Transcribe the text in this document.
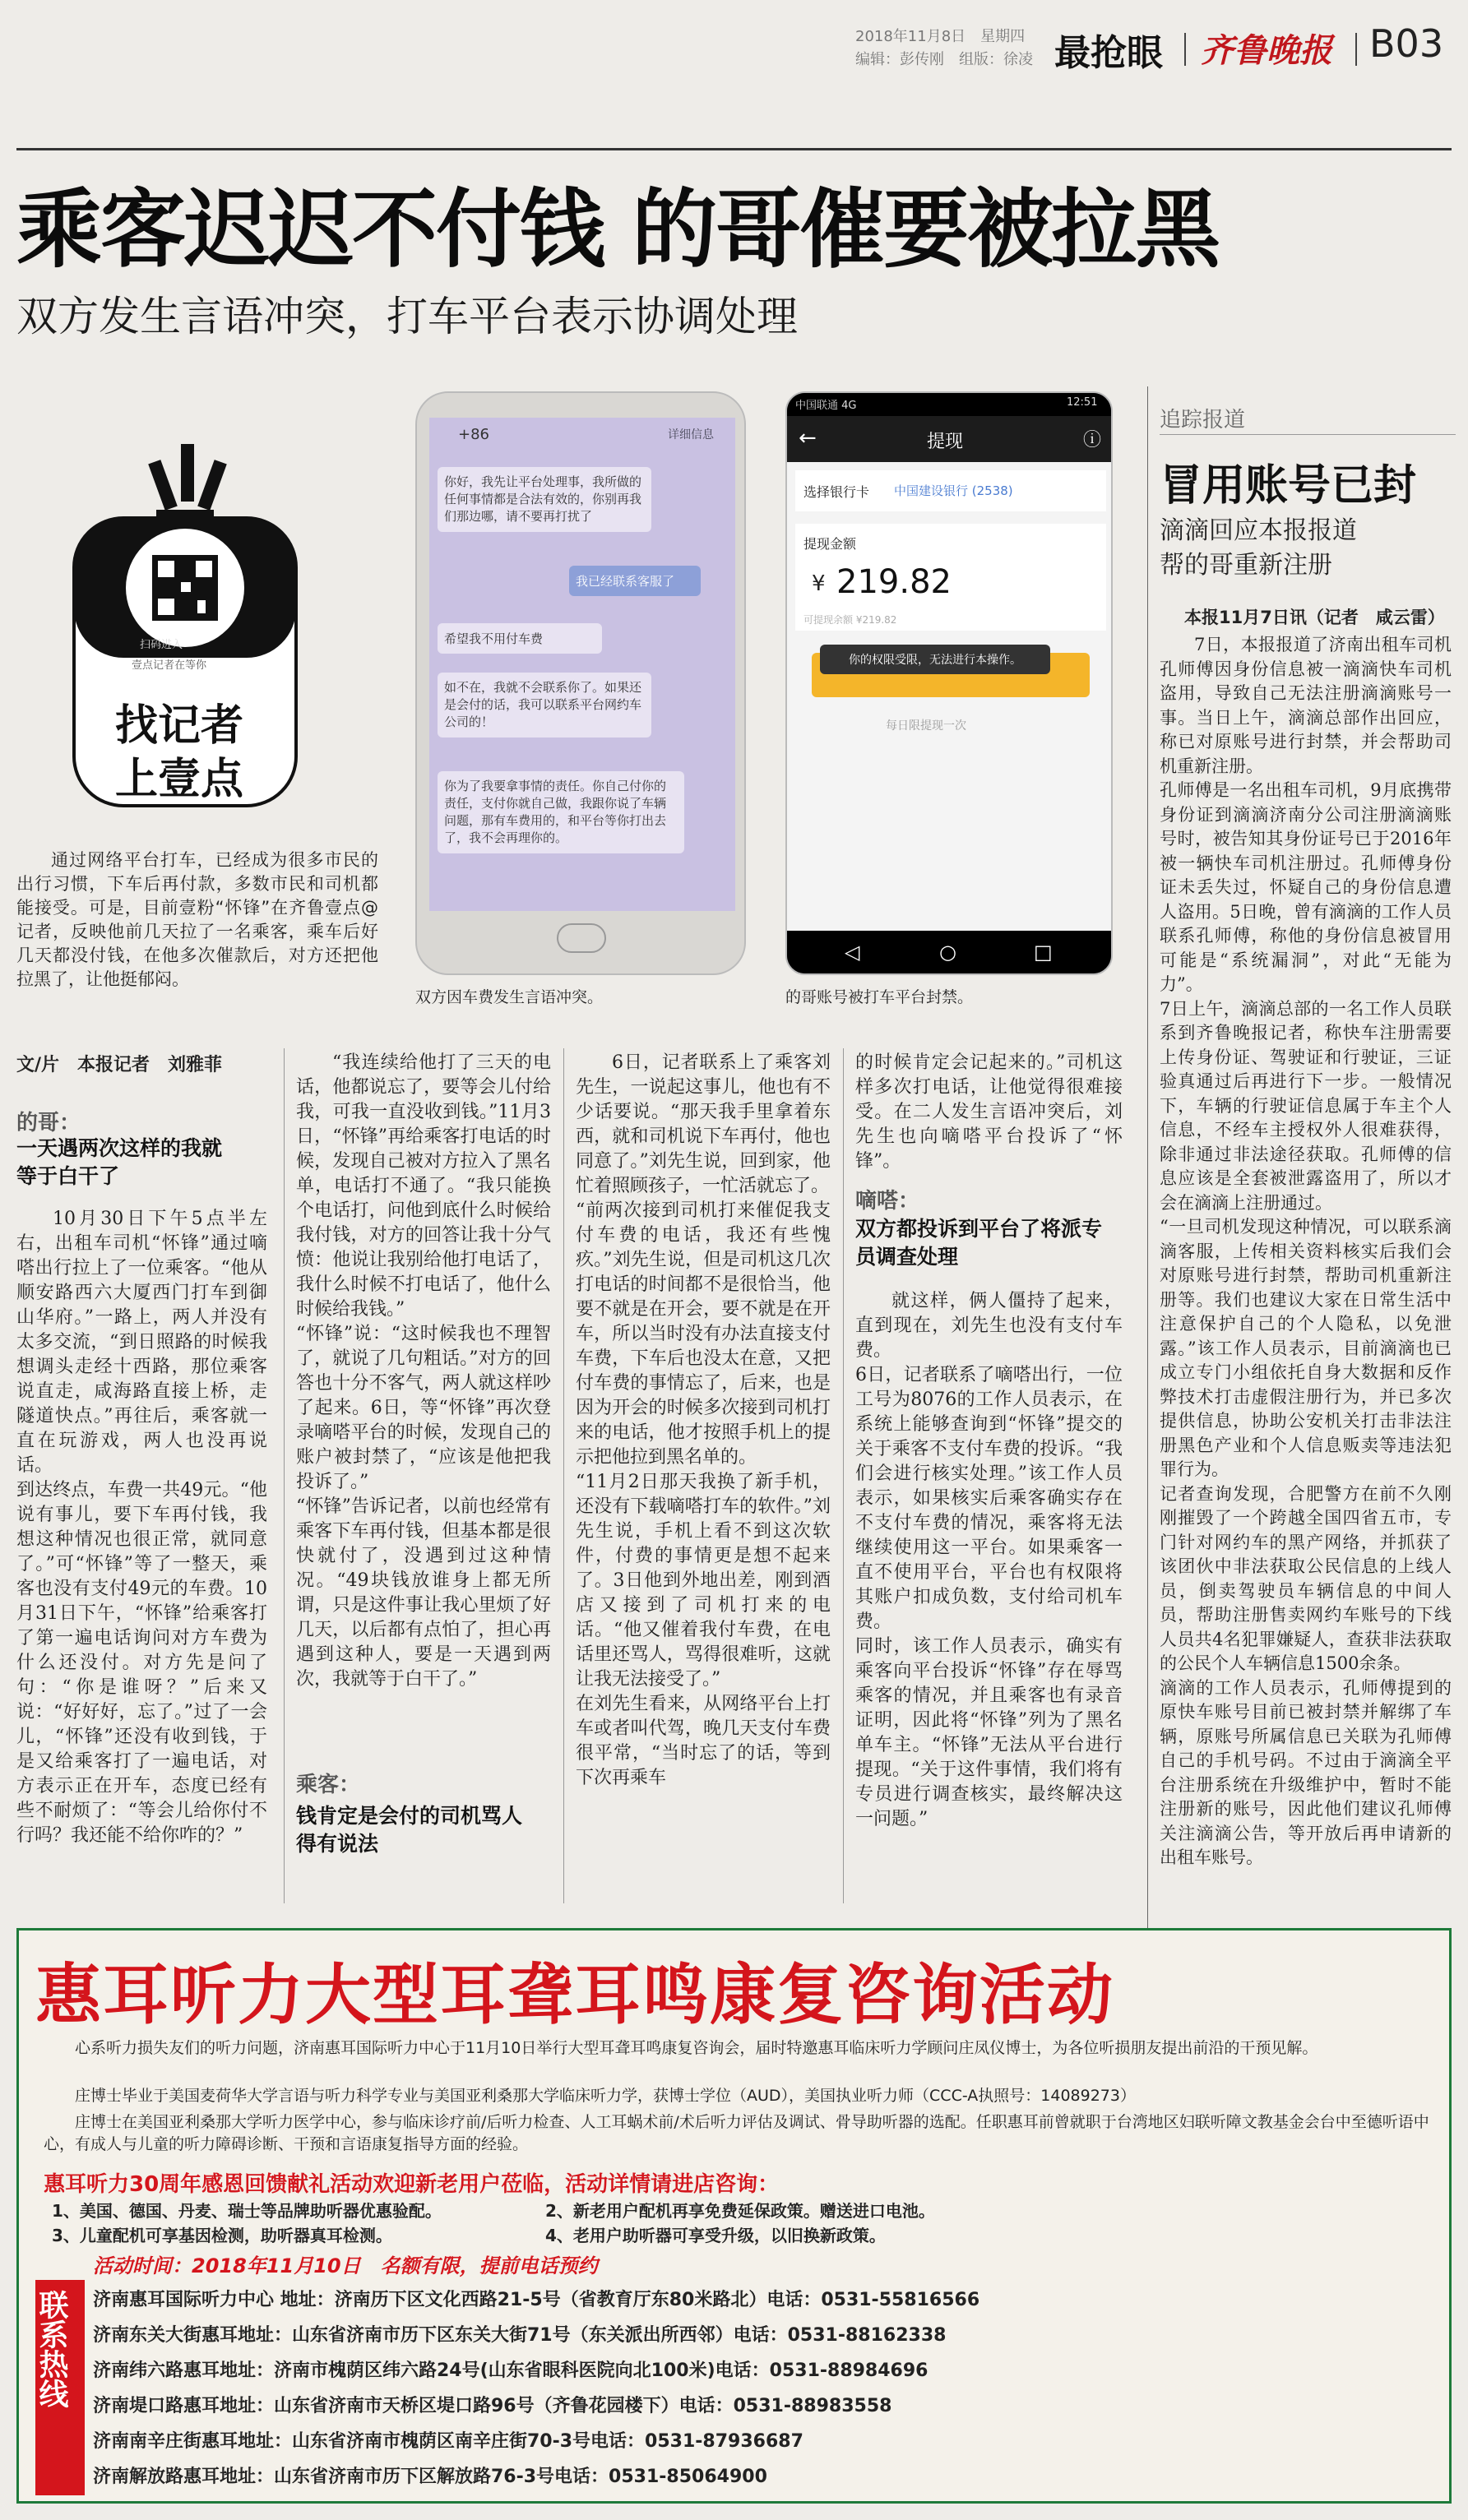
2018年11月8日　星期四
编辑：彭传刚　组版：徐凌 最抢眼 齐鲁晚报 B03
乘客迟迟不付钱 的哥催要被拉黑
双方发生言语冲突，打车平台表示协调处理
扫码进入
壹点记者在等你
找记者
上壹点
通过网络平台打车，已经成为很多市民的出行习惯，下车后再付款，多数市民和司机都能接受。可是，目前壹粉“怀锋”在齐鲁壹点@记者，反映他前几天拉了一名乘客，乘车后好几天都没付钱，在他多次催款后，对方还把他拉黑了，让他挺郁闷。
+86	详细信息
你好，我先让平台处理事，我所做的任何事情都是合法有效的，你别再我们那边哪，请不要再打扰了
我已经联系客服了
希望我不用付车费
如不在，我就不会联系你了。如果还是会付的话，我可以联系平台网约车公司的！
你为了我要拿事情的责任。你自己付你的责任，支付你就自己做，我跟你说了车辆问题，那有车费用的，和平台等你打出去了，我不会再理你的。
双方因车费发生言语冲突。
中国联通 4G	12:51
←	提现	ⓘ
选择银行卡 中国建设银行 (2538)
提现金额
¥ 219.82
可提现余额 ¥219.82
你的权限受限，无法进行本操作。
每日限提现一次
◁	○	□
的哥账号被打车平台封禁。
追踪报道
冒用账号已封
滴滴回应本报报道
帮的哥重新注册
本报11月7日讯（记者　咸云雷）
7日，本报报道了济南出租车司机孔师傅因身份信息被一滴滴快车司机盗用，导致自己无法注册滴滴账号一事。当日上午，滴滴总部作出回应，称已对原账号进行封禁，并会帮助司机重新注册。
孔师傅是一名出租车司机，9月底携带身份证到滴滴济南分公司注册滴滴账号时，被告知其身份证号已于2016年被一辆快车司机注册过。孔师傅身份证未丢失过，怀疑自己的身份信息遭人盗用。5日晚，曾有滴滴的工作人员联系孔师傅，称他的身份信息被冒用可能是“系统漏洞”，对此“无能为力”。
7日上午，滴滴总部的一名工作人员联系到齐鲁晚报记者，称快车注册需要上传身份证、驾驶证和行驶证，三证验真通过后再进行下一步。一般情况下，车辆的行驶证信息属于车主个人信息，不经车主授权外人很难获得，除非通过非法途径获取。孔师傅的信息应该是全套被泄露盗用了，所以才会在滴滴上注册通过。
“一旦司机发现这种情况，可以联系滴滴客服，上传相关资料核实后我们会对原账号进行封禁，帮助司机重新注册等。我们也建议大家在日常生活中注意保护自己的个人隐私，以免泄露。”该工作人员表示，目前滴滴也已成立专门小组依托自身大数据和反作弊技术打击虚假注册行为，并已多次提供信息，协助公安机关打击非法注册黑色产业和个人信息贩卖等违法犯罪行为。
记者查询发现，合肥警方在前不久刚刚摧毁了一个跨越全国四省五市，专门针对网约车的黑产网络，并抓获了该团伙中非法获取公民信息的上线人员，倒卖驾驶员车辆信息的中间人员，帮助注册售卖网约车账号的下线人员共4名犯罪嫌疑人，查获非法获取的公民个人车辆信息1500余条。
滴滴的工作人员表示，孔师傅提到的原快车账号目前已被封禁并解绑了车辆，原账号所属信息已关联为孔师傅自己的手机号码。不过由于滴滴全平台注册系统在升级维护中，暂时不能注册新的账号，因此他们建议孔师傅关注滴滴公告，等开放后再申请新的出租车账号。
文/片　本报记者　刘雅菲
的哥：
一天遇两次这样的我就等于白干了
10月30日下午5点半左右，出租车司机“怀锋”通过嘀嗒出行拉上了一位乘客。“他从顺安路西六大厦西门打车到御山华府。”一路上，两人并没有太多交流，“到日照路的时候我想调头走经十西路，那位乘客说直走，咸海路直接上桥，走隧道快点。”再往后，乘客就一直在玩游戏，两人也没再说话。
到达终点，车费一共49元。“他说有事儿，要下车再付钱，我想这种情况也很正常，就同意了。”可“怀锋”等了一整天，乘客也没有支付49元的车费。10月31日下午，“怀锋”给乘客打了第一遍电话询问对方车费为什么还没付。对方先是问了句：“你是谁呀？”后来又说：“好好好，忘了。”过了一会儿，“怀锋”还没有收到钱，于是又给乘客打了一遍电话，对方表示正在开车，态度已经有些不耐烦了：“等会儿给你付不行吗？我还能不给你咋的？”
“我连续给他打了三天的电话，他都说忘了，要等会儿付给我，可我一直没收到钱。”11月3日，“怀锋”再给乘客打电话的时候，发现自己被对方拉入了黑名单，电话打不通了。“我只能换个电话打，问他到底什么时候给我付钱，对方的回答让我十分气愤：他说让我别给他打电话了，我什么时候不打电话了，他什么时候给我钱。”
“怀锋”说：“这时候我也不理智了，就说了几句粗话。”对方的回答也十分不客气，两人就这样吵了起来。6日，等“怀锋”再次登录嘀嗒平台的时候，发现自己的账户被封禁了，“应该是他把我投诉了。”
“怀锋”告诉记者，以前也经常有乘客下车再付钱，但基本都是很快就付了，没遇到过这种情况。“49块钱放谁身上都无所谓，只是这件事让我心里烦了好几天，以后都有点怕了，担心再遇到这种人，要是一天遇到两次，我就等于白干了。”
乘客：
钱肯定是会付的司机骂人得有说法
6日，记者联系上了乘客刘先生，一说起这事儿，他也有不少话要说。“那天我手里拿着东西，就和司机说下车再付，他也同意了。”刘先生说，回到家，他忙着照顾孩子，一忙活就忘了。
“前两次接到司机打来催促我支付车费的电话，我还有些愧疚。”刘先生说，但是司机这几次打电话的时间都不是很恰当，他要不就是在开会，要不就是在开车，所以当时没有办法直接支付车费，下车后也没太在意，又把付车费的事情忘了，后来，也是因为开会的时候多次接到司机打来的电话，他才按照手机上的提示把他拉到黑名单的。
“11月2日那天我换了新手机，还没有下载嘀嗒打车的软件。”刘先生说，手机上看不到这次软件，付费的事情更是想不起来了。3日他到外地出差，刚到酒店又接到了司机打来的电话。“他又催着我付车费，在电话里还骂人，骂得很难听，这就让我无法接受了。”
在刘先生看来，从网络平台上打车或者叫代驾，晚几天支付车费很平常，“当时忘了的话，等到下次再乘车
的时候肯定会记起来的。”司机这样多次打电话，让他觉得很难接受。在二人发生言语冲突后，刘先生也向嘀嗒平台投诉了“怀锋”。
嘀嗒：
双方都投诉到平台了将派专员调查处理
就这样，俩人僵持了起来，直到现在，刘先生也没有支付车费。
6日，记者联系了嘀嗒出行，一位工号为8076的工作人员表示，在系统上能够查询到“怀锋”提交的关于乘客不支付车费的投诉。“我们会进行核实处理。”该工作人员表示，如果核实后乘客确实存在不支付车费的情况，乘客将无法继续使用这一平台。如果乘客一直不使用平台，平台也有权限将其账户扣成负数，支付给司机车费。
同时，该工作人员表示，确实有乘客向平台投诉“怀锋”存在辱骂乘客的情况，并且乘客也有录音证明，因此将“怀锋”列为了黑名单车主。“怀锋”无法从平台进行提现。“关于这件事情，我们将有专员进行调查核实，最终解决这一问题。”
惠耳听力大型耳聋耳鸣康复咨询活动
心系听力损失友们的听力问题，济南惠耳国际听力中心于11月10日举行大型耳聋耳鸣康复咨询会，届时特邀惠耳临床听力学顾问庄凤仪博士，为各位听损朋友提出前沿的干预见解。
庄博士毕业于美国麦荷华大学言语与听力科学专业与美国亚利桑那大学临床听力学，获博士学位（AUD），美国执业听力师（CCC-A执照号：14089273）
庄博士在美国亚利桑那大学听力医学中心，参与临床诊疗前/后听力检查、人工耳蜗术前/术后听力评估及调试、骨导助听器的选配。任职惠耳前曾就职于台湾地区妇联听障文教基金会台中至德听语中心，有成人与儿童的听力障碍诊断、干预和言语康复指导方面的经验。
惠耳听力30周年感恩回馈献礼活动欢迎新老用户莅临，活动详情请进店咨询：
1、美国、德国、丹麦、瑞士等品牌助听器优惠验配。	2、新老用户配机再享免费延保政策。赠送进口电池。
3、儿童配机可享基因检测，助听器真耳检测。	4、老用户助听器可享受升级，以旧换新政策。
活动时间：2018年11月10日　名额有限，提前电话预约
联系热线	济南惠耳国际听力中心 地址：济南历下区文化西路21-5号（省教育厅东80米路北）电话：0531-55816566
济南东关大街惠耳地址：山东省济南市历下区东关大街71号（东关派出所西邻）电话：0531-88162338
济南纬六路惠耳地址：济南市槐荫区纬六路24号(山东省眼科医院向北100米)电话：0531-88984696
济南堤口路惠耳地址：山东省济南市天桥区堤口路96号（齐鲁花园楼下）电话：0531-88983558
济南南辛庄街惠耳地址：山东省济南市槐荫区南辛庄街70-3号电话：0531-87936687
济南解放路惠耳地址：山东省济南市历下区解放路76-3号电话：0531-85064900
